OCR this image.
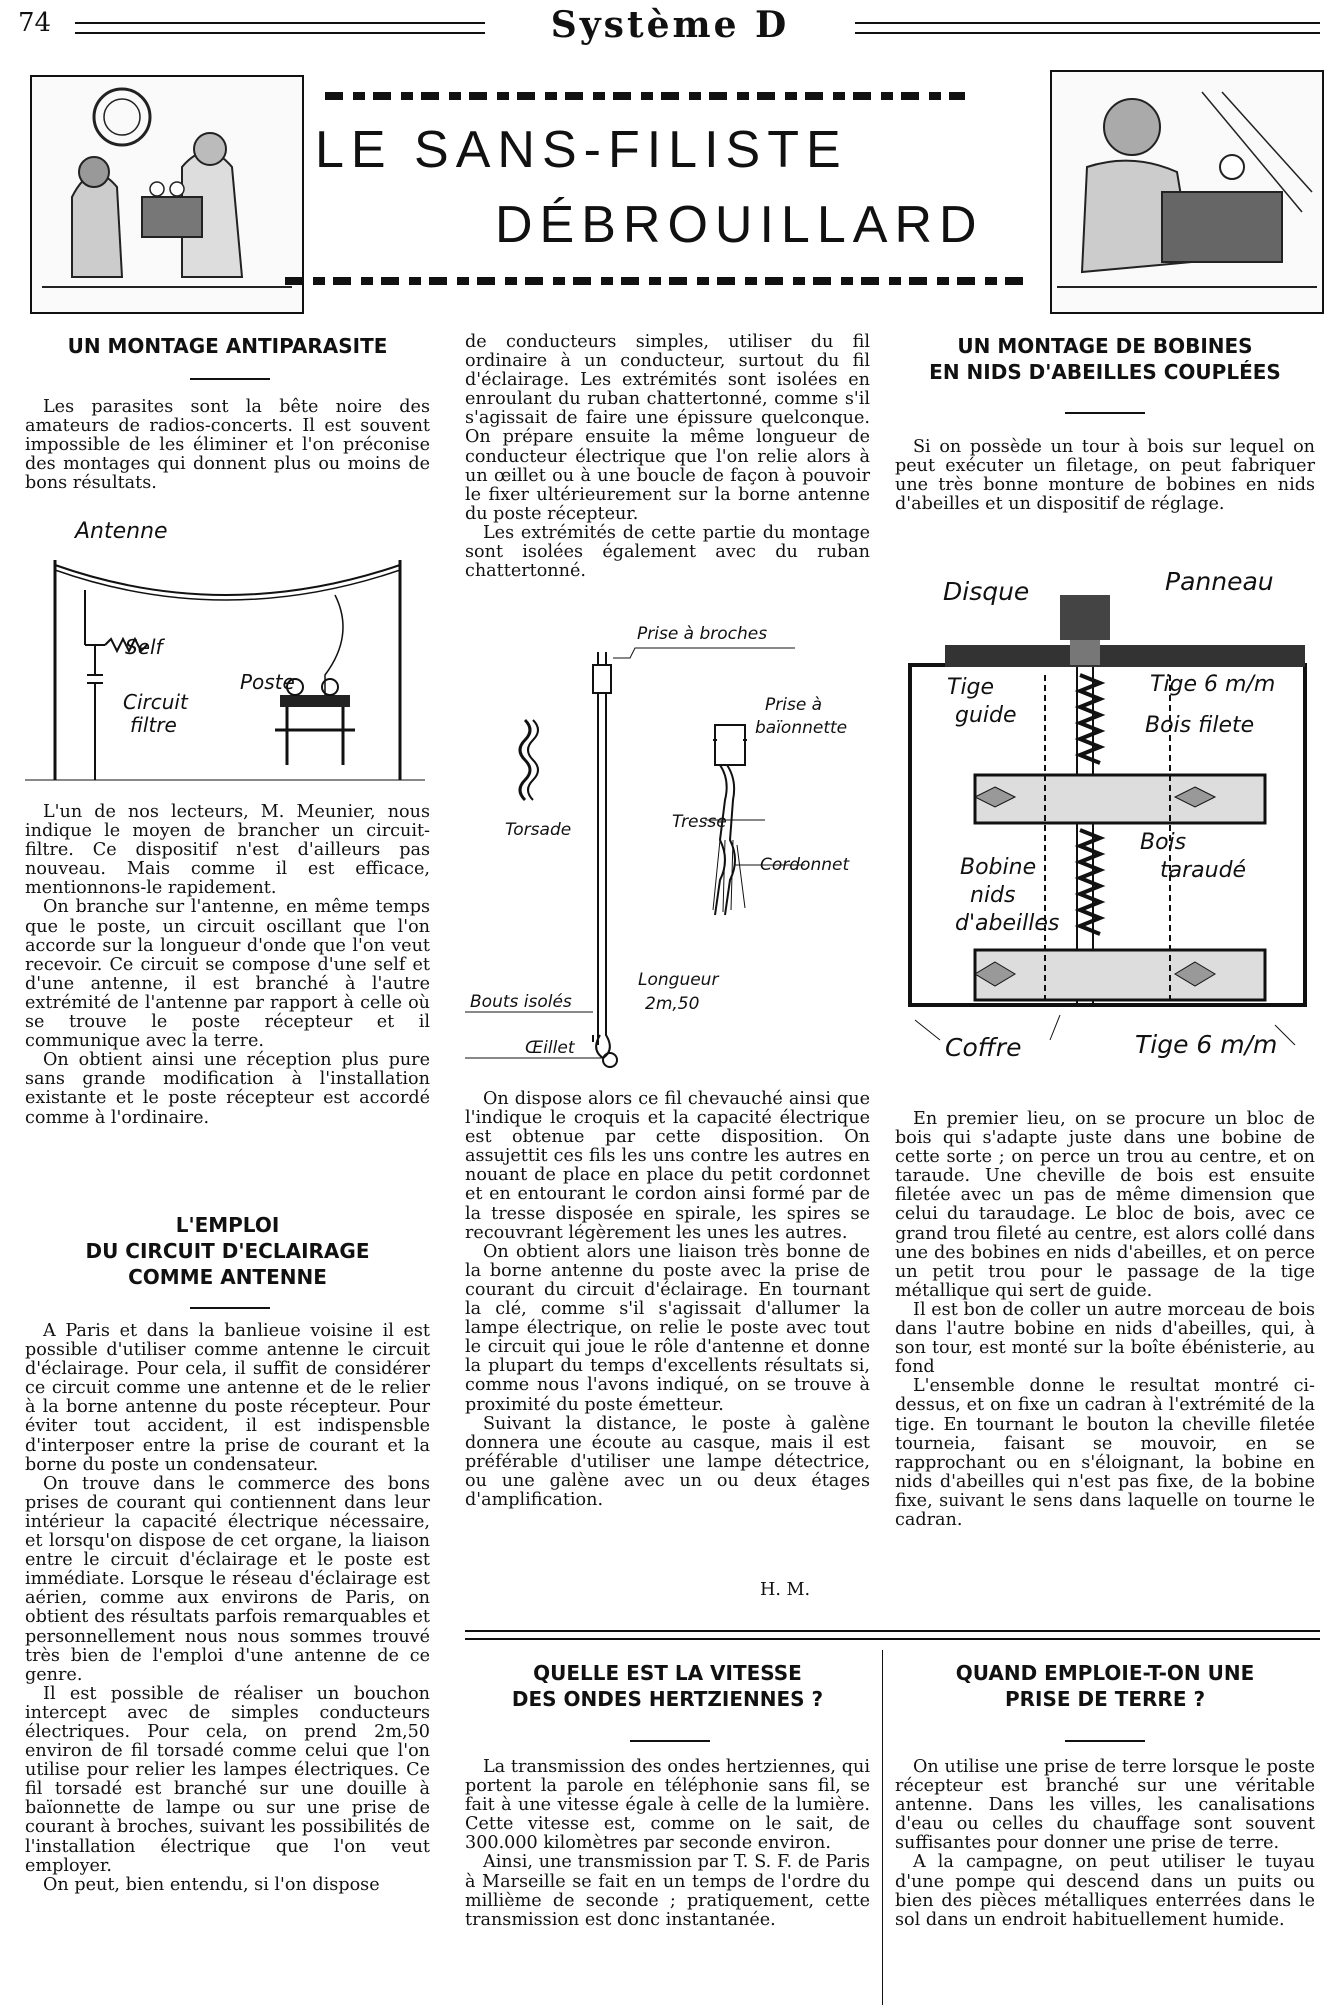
74	Système D
LE SANS-FILISTE
DÉBROUILLARD
UN MONTAGE ANTIPARASITE

Les parasites sont la bête noire des amateurs de radios-concerts. Il est souvent impossible de les éliminer et l'on préconise des montages qui donnent plus ou moins de bons résultats.

Antenne
Self
Circuit
filtre
Poste

L'un de nos lecteurs, M. Meunier, nous indique le moyen de brancher un circuit-filtre. Ce dispositif n'est d'ailleurs pas nouveau. Mais comme il est efficace, mentionnons-le rapidement.

On branche sur l'antenne, en même temps que le poste, un circuit oscillant que l'on accorde sur la longueur d'onde que l'on veut recevoir. Ce circuit se compose d'une self et d'une antenne, il est branché à l'autre extrémité de l'antenne par rapport à celle où se trouve le poste récepteur et il communique avec la terre.

On obtient ainsi une réception plus pure sans grande modification à l'installation existante et le poste récepteur est accordé comme à l'ordinaire.

L'EMPLOI
DU CIRCUIT D'ECLAIRAGE
COMME ANTENNE

A Paris et dans la banlieue voisine il est possible d'utiliser comme antenne le circuit d'éclairage. Pour cela, il suffit de considérer ce circuit comme une antenne et de le relier à la borne antenne du poste récepteur. Pour éviter tout accident, il est indispensble d'interposer entre la prise de courant et la borne du poste un condensateur.

On trouve dans le commerce des bons prises de courant qui contiennent dans leur intérieur la capacité électrique nécessaire, et lorsqu'on dispose de cet organe, la liaison entre le circuit d'éclairage et le poste est immédiate. Lorsque le réseau d'éclairage est aérien, comme aux environs de Paris, on obtient des résultats parfois remarquables et personnellement nous nous sommes trouvé très bien de l'emploi d'une antenne de ce genre.

Il est possible de réaliser un bouchon intercept avec de simples conducteurs électriques. Pour cela, on prend 2m,50 environ de fil torsadé comme celui que l'on utilise pour relier les lampes électriques. Ce fil torsadé est branché sur une douille à baïonnette de lampe ou sur une prise de courant à broches, suivant les possibilités de l'installation électrique que l'on veut employer.

On peut, bien entendu, si l'on dispose

de conducteurs simples, utiliser du fil ordinaire à un conducteur, surtout du fil d'éclairage. Les extrémités sont isolées en enroulant du ruban chattertonné, comme s'il s'agissait de faire une épissure quelconque. On prépare ensuite la même longueur de conducteur électrique que l'on relie alors à un œillet ou à une boucle de façon à pouvoir le fixer ultérieurement sur la borne antenne du poste récepteur.

Les extrémités de cette partie du montage sont isolées également avec du ruban chattertonné.

Prise à broches
Prise à
baïonnette
Torsade	Tresse
Cordonnet
Longueur
2m,50
Bouts isolés
Œillet

On dispose alors ce fil chevauché ainsi que l'indique le croquis et la capacité électrique est obtenue par cette disposition. On assujettit ces fils les uns contre les autres en nouant de place en place du petit cordonnet et en entourant le cordon ainsi formé par de la tresse disposée en spirale, les spires se recouvrant légèrement les unes les autres.

On obtient alors une liaison très bonne de la borne antenne du poste avec la prise de courant du circuit d'éclairage. En tournant la clé, comme s'il s'agissait d'allumer la lampe électrique, on relie le poste avec tout le circuit qui joue le rôle d'antenne et donne la plupart du temps d'excellents résultats si, comme nous l'avons indiqué, on se trouve à proximité du poste émetteur.

Suivant la distance, le poste à galène donnera une écoute au casque, mais il est préférable d'utiliser une lampe détectrice, ou une galène avec un ou deux étages d'amplification.

H. M.
UN MONTAGE DE BOBINES
EN NIDS D'ABEILLES COUPLÉES

Si on possède un tour à bois sur lequel on peut exécuter un filetage, on peut fabriquer une très bonne monture de bobines en nids d'abeilles et un dispositif de réglage.

Disque	Panneau
Tige
guide
Tige 6 m/m
Bois filete
Bois
taraudé
Bobine
nids
d'abeilles
Coffre	Tige 6 m/m

En premier lieu, on se procure un bloc de bois qui s'adapte juste dans une bobine de cette sorte ; on perce un trou au centre, et on taraude. Une cheville de bois est ensuite filetée avec un pas de même dimension que celui du taraudage. Le bloc de bois, avec ce grand trou fileté au centre, est alors collé dans une des bobines en nids d'abeilles, et on perce un petit trou pour le passage de la tige métallique qui sert de guide.

Il est bon de coller un autre morceau de bois dans l'autre bobine en nids d'abeilles, qui, à son tour, est monté sur la boîte ébénisterie, au fond

L'ensemble donne le resultat montré ci-dessus, et on fixe un cadran à l'extrémité de la tige. En tournant le bouton la cheville filetée tourneia, faisant se mouvoir, en se rapprochant ou en s'éloignant, la bobine en nids d'abeilles qui n'est pas fixe, de la bobine fixe, suivant le sens dans laquelle on tourne le cadran.

QUELLE EST LA VITESSE
DES ONDES HERTZIENNES ?

La transmission des ondes hertziennes, qui portent la parole en téléphonie sans fil, se fait à une vitesse égale à celle de la lumière. Cette vitesse est, comme on le sait, de 300.000 kilomètres par seconde environ.

Ainsi, une transmission par T. S. F. de Paris à Marseille se fait en un temps de l'ordre du millième de seconde ; pratiquement, cette transmission est donc instantanée.

QUAND EMPLOIE-T-ON UNE
PRISE DE TERRE ?

On utilise une prise de terre lorsque le poste récepteur est branché sur une véritable antenne. Dans les villes, les canalisations d'eau ou celles du chauffage sont souvent suffisantes pour donner une prise de terre.

A la campagne, on peut utiliser le tuyau d'une pompe qui descend dans un puits ou bien des pièces métalliques enterrées dans le sol dans un endroit habituellement humide.
